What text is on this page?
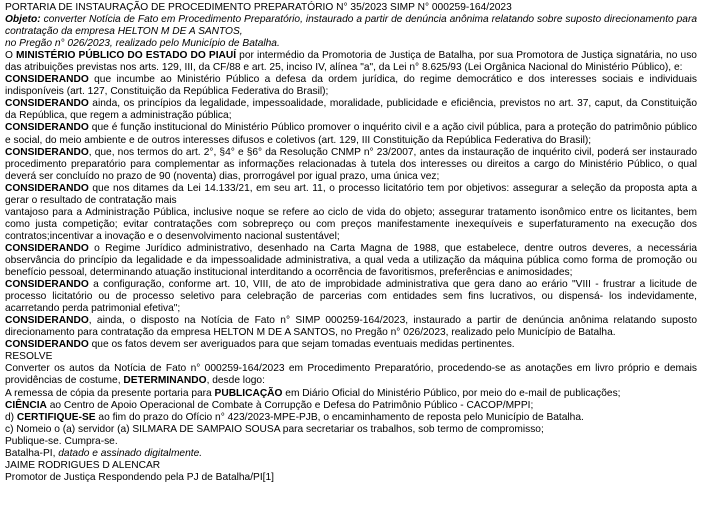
PORTARIA DE INSTAURAÇÃO DE PROCEDIMENTO PREPARATÓRIO N° 35/2023 SIMP N° 000259-164/2023
Objeto: converter Notícia de Fato em Procedimento Preparatório, instaurado a partir de denúncia anônima relatando sobre suposto direcionamento para contratação da empresa HELTON M DE A SANTOS,
no Pregão n° 026/2023, realizado pelo Município de Batalha.
O MINISTÉRIO PÚBLICO DO ESTADO DO PIAUÍ por intermédio da Promotoria de Justiça de Batalha, por sua Promotora de Justiça signatária, no uso das atribuições previstas nos arts. 129, III, da CF/88 e art. 25, inciso IV, alínea "a", da Lei n° 8.625/93 (Lei Orgânica Nacional do Ministério Público), e:
CONSIDERANDO que incumbe ao Ministério Público a defesa da ordem jurídica, do regime democrático e dos interesses sociais e individuais indisponíveis (art. 127, Constituição da República Federativa do Brasil);
CONSIDERANDO ainda, os princípios da legalidade, impessoalidade, moralidade, publicidade e eficiência, previstos no art. 37, caput, da Constituição da República, que regem a administração pública;
CONSIDERANDO que é função institucional do Ministério Público promover o inquérito civil e a ação civil pública, para a proteção do patrimônio público e social, do meio ambiente e de outros interesses difusos e coletivos (art. 129, III Constituição da República Federativa do Brasil);
CONSIDERANDO, que, nos termos do art. 2°, §4° e §6° da Resolução CNMP n° 23/2007, antes da instauração de inquérito civil, poderá ser instaurado procedimento preparatório para complementar as informações relacionadas à tutela dos interesses ou direitos a cargo do Ministério Público, o qual deverá ser concluído no prazo de 90 (noventa) dias, prorrogável por igual prazo, uma única vez;
CONSIDERANDO que nos ditames da Lei 14.133/21, em seu art. 11, o processo licitatório tem por objetivos: assegurar a seleção da proposta apta a gerar o resultado de contratação mais
vantajoso para a Administração Pública, inclusive noque se refere ao ciclo de vida do objeto; assegurar tratamento isonômico entre os licitantes, bem como justa competição; evitar contratações com sobrepreço ou com preços manifestamente inexequíveis e superfaturamento na execução dos contratos;incentivar a inovação e o desenvolvimento nacional sustentável;
CONSIDERANDO o Regime Jurídico administrativo, desenhado na Carta Magna de 1988, que estabelece, dentre outros deveres, a necessária observância do princípio da legalidade e da impessoalidade administrativa, a qual veda a utilização da máquina pública como forma de promoção ou benefício pessoal, determinando atuação institucional interditando a ocorrência de favoritismos, preferências e animosidades;
CONSIDERANDO a configuração, conforme art. 10, VIII, de ato de improbidade administrativa que gera dano ao erário "VIII - frustrar a licitude de processo licitatório ou de processo seletivo para celebração de parcerias com entidades sem fins lucrativos, ou dispensá- los indevidamente, acarretando perda patrimonial efetiva";
CONSIDERANDO, ainda, o disposto na Notícia de Fato n° SIMP 000259-164/2023, instaurado a partir de denúncia anônima relatando suposto direcionamento para contratação da empresa HELTON M DE A SANTOS, no Pregão n° 026/2023, realizado pelo Município de Batalha.
CONSIDERANDO que os fatos devem ser averiguados para que sejam tomadas eventuais medidas pertinentes.
RESOLVE
Converter os autos da Notícia de Fato n° 000259-164/2023 em Procedimento Preparatório, procedendo-se as anotações em livro próprio e demais providências de costume, DETERMINANDO, desde logo:
A remessa de cópia da presente portaria para PUBLICAÇÃO em Diário Oficial do Ministério Público, por meio do e-mail de publicações;
CIÊNCIA ao Centro de Apoio Operacional de Combate à Corrupção e Defesa do Patrimônio Público - CACOP/MPPI;
d) CERTIFIQUE-SE ao fim do prazo do Ofício n° 423/2023-MPE-PJB, o encaminhamento de reposta pelo Município de Batalha.
c) Nomeio o (a) servidor (a) SILMARA DE SAMPAIO SOUSA para secretariar os trabalhos, sob termo de compromisso;
Publique-se. Cumpra-se.
Batalha-PI, datado e assinado digitalmente.
JAIME RODRIGUES D ALENCAR
Promotor de Justiça Respondendo pela PJ de Batalha/PI[1]
